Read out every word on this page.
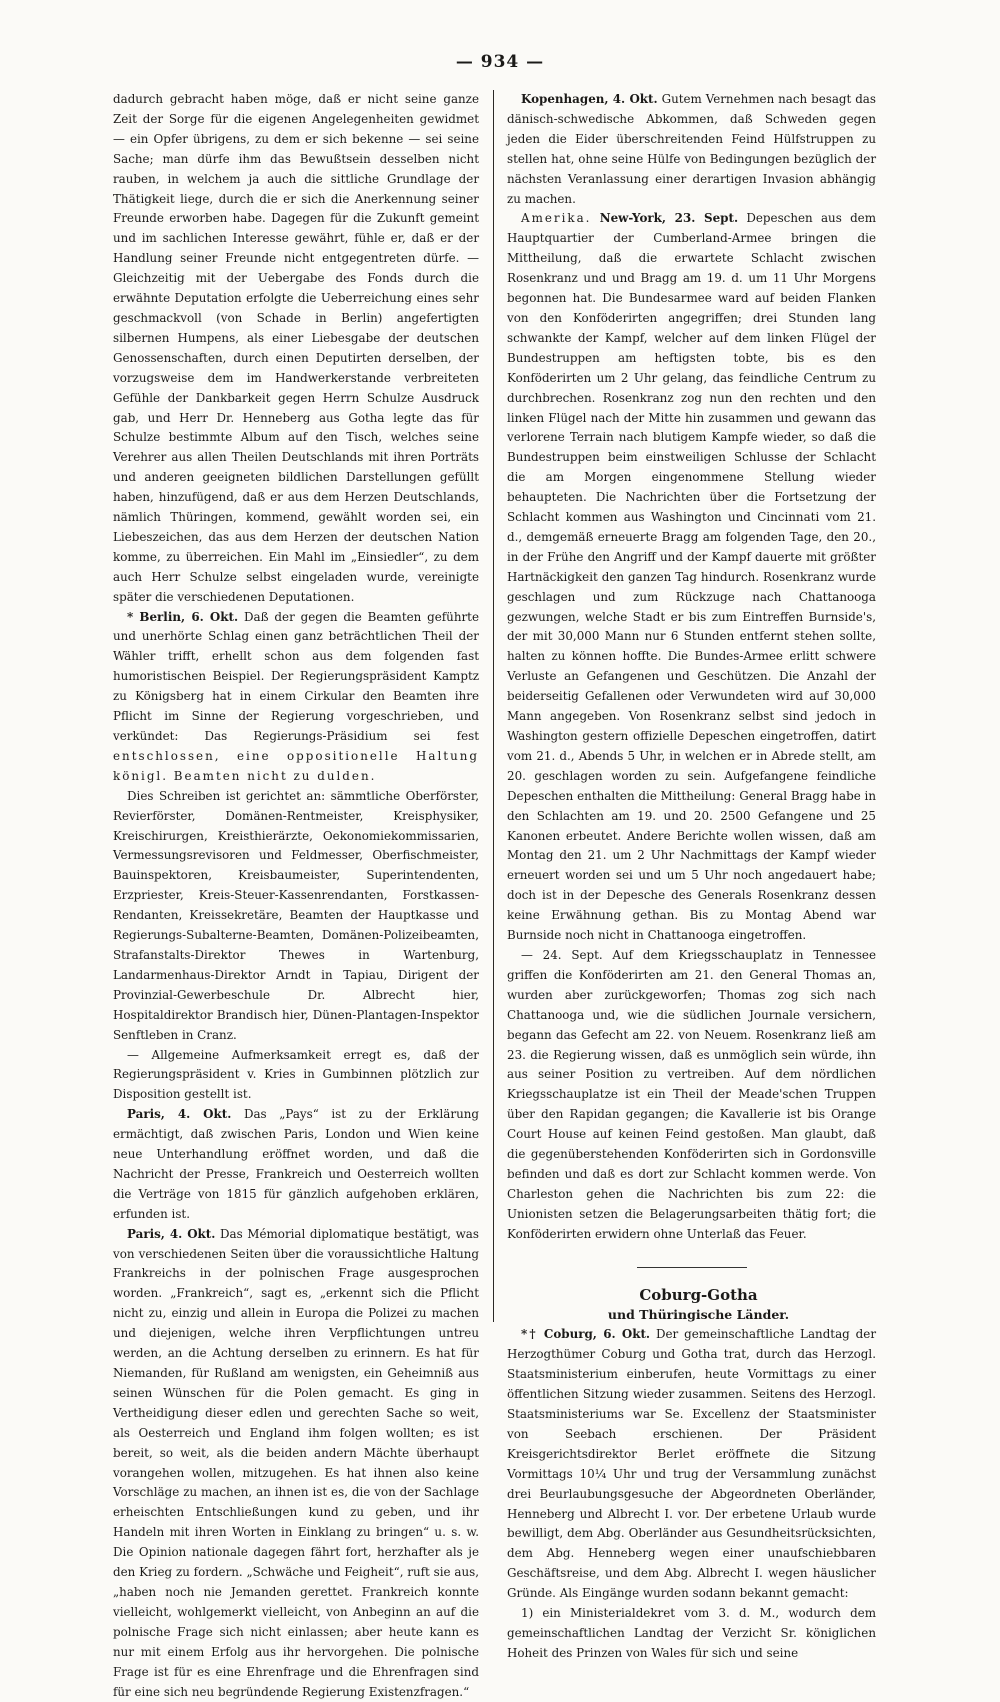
— 934 —

dadurch gebracht haben möge, daß er nicht seine ganze Zeit der Sorge für die eigenen Angelegenheiten gewidmet — ein Opfer übrigens, zu dem er sich bekenne — sei seine Sache; man dürfe ihm das Bewußtsein desselben nicht rauben, in welchem ja auch die sittliche Grundlage der Thätigkeit liege, durch die er sich die Anerkennung seiner Freunde erworben habe. Dagegen für die Zukunft gemeint und im sachlichen Interesse gewährt, fühle er, daß er der Handlung seiner Freunde nicht entgegentreten dürfe. — Gleichzeitig mit der Uebergabe des Fonds durch die erwähnte Deputation erfolgte die Ueberreichung eines sehr geschmackvoll (von Schade in Berlin) angefertigten silbernen Humpens, als einer Liebesgabe der deutschen Genossenschaften, durch einen Deputirten derselben, der vorzugsweise dem im Handwerkerstande verbreiteten Gefühle der Dankbarkeit gegen Herrn Schulze Ausdruck gab, und Herr Dr. Henneberg aus Gotha legte das für Schulze bestimmte Album auf den Tisch, welches seine Verehrer aus allen Theilen Deutschlands mit ihren Porträts und anderen geeigneten bildlichen Darstellungen gefüllt haben, hinzufügend, daß er aus dem Herzen Deutschlands, nämlich Thüringen, kommend, gewählt worden sei, ein Liebeszeichen, das aus dem Herzen der deutschen Nation komme, zu überreichen. Ein Mahl im „Einsiedler“, zu dem auch Herr Schulze selbst eingeladen wurde, vereinigte später die verschiedenen Deputationen.

* Berlin, 6. Okt. Daß der gegen die Beamten geführte und unerhörte Schlag einen ganz beträchtlichen Theil der Wähler trifft, erhellt schon aus dem folgenden fast humoristischen Beispiel. Der Regierungspräsident Kamptz zu Königsberg hat in einem Cirkular den Beamten ihre Pflicht im Sinne der Regierung vorgeschrieben, und verkündet: Das Regierungs-Präsidium sei fest entschlossen, eine oppositionelle Haltung königl. Beamten nicht zu dulden.

Dies Schreiben ist gerichtet an: sämmtliche Oberförster, Revierförster, Domänen-Rentmeister, Kreisphysiker, Kreischirurgen, Kreisthierärzte, Oekonomiekommissarien, Vermessungsrevisoren und Feldmesser, Oberfischmeister, Bauinspektoren, Kreisbaumeister, Superintendenten, Erzpriester, Kreis-Steuer-Kassenrendanten, Forstkassen-Rendanten, Kreissekretäre, Beamten der Hauptkasse und Regierungs-Subalterne-Beamten, Domänen-Polizeibeamten, Strafanstalts-Direktor Thewes in Wartenburg, Landarmenhaus-Direktor Arndt in Tapiau, Dirigent der Provinzial-Gewerbeschule Dr. Albrecht hier, Hospitaldirektor Brandisch hier, Dünen-Plantagen-Inspektor Senftleben in Cranz.

— Allgemeine Aufmerksamkeit erregt es, daß der Regierungspräsident v. Kries in Gumbinnen plötzlich zur Disposition gestellt ist.

Paris, 4. Okt. Das „Pays“ ist zu der Erklärung ermächtigt, daß zwischen Paris, London und Wien keine neue Unterhandlung eröffnet worden, und daß die Nachricht der Presse, Frankreich und Oesterreich wollten die Verträge von 1815 für gänzlich aufgehoben erklären, erfunden ist.

Paris, 4. Okt. Das Mémorial diplomatique bestätigt, was von verschiedenen Seiten über die voraussichtliche Haltung Frankreichs in der polnischen Frage ausgesprochen worden. „Frankreich“, sagt es, „erkennt sich die Pflicht nicht zu, einzig und allein in Europa die Polizei zu machen und diejenigen, welche ihren Verpflichtungen untreu werden, an die Achtung derselben zu erinnern. Es hat für Niemanden, für Rußland am wenigsten, ein Geheimniß aus seinen Wünschen für die Polen gemacht. Es ging in Vertheidigung dieser edlen und gerechten Sache so weit, als Oesterreich und England ihm folgen wollten; es ist bereit, so weit, als die beiden andern Mächte überhaupt vorangehen wollen, mitzugehen. Es hat ihnen also keine Vorschläge zu machen, an ihnen ist es, die von der Sachlage erheischten Entschließungen kund zu geben, und ihr Handeln mit ihren Worten in Einklang zu bringen“ u. s. w. Die Opinion nationale dagegen fährt fort, herzhafter als je den Krieg zu fordern. „Schwäche und Feigheit“, ruft sie aus, „haben noch nie Jemanden gerettet. Frankreich konnte vielleicht, wohlgemerkt vielleicht, von Anbeginn an auf die polnische Frage sich nicht einlassen; aber heute kann es nur mit einem Erfolg aus ihr hervorgehen. Die polnische Frage ist für es eine Ehrenfrage und die Ehrenfragen sind für eine sich neu begründende Regierung Existenzfragen.“

Kopenhagen, 4. Okt. Gutem Vernehmen nach besagt das dänisch-schwedische Abkommen, daß Schweden gegen jeden die Eider überschreitenden Feind Hülfstruppen zu stellen hat, ohne seine Hülfe von Bedingungen bezüglich der nächsten Veranlassung einer derartigen Invasion abhängig zu machen.

Amerika. New-York, 23. Sept. Depeschen aus dem Hauptquartier der Cumberland-Armee bringen die Mittheilung, daß die erwartete Schlacht zwischen Rosenkranz und und Bragg am 19. d. um 11 Uhr Morgens begonnen hat. Die Bundesarmee ward auf beiden Flanken von den Konföderirten angegriffen; drei Stunden lang schwankte der Kampf, welcher auf dem linken Flügel der Bundestruppen am heftigsten tobte, bis es den Konföderirten um 2 Uhr gelang, das feindliche Centrum zu durchbrechen. Rosenkranz zog nun den rechten und den linken Flügel nach der Mitte hin zusammen und gewann das verlorene Terrain nach blutigem Kampfe wieder, so daß die Bundestruppen beim einstweiligen Schlusse der Schlacht die am Morgen eingenommene Stellung wieder behaupteten. Die Nachrichten über die Fortsetzung der Schlacht kommen aus Washington und Cincinnati vom 21. d., demgemäß erneuerte Bragg am folgenden Tage, den 20., in der Frühe den Angriff und der Kampf dauerte mit größter Hartnäckigkeit den ganzen Tag hindurch. Rosenkranz wurde geschlagen und zum Rückzuge nach Chattanooga gezwungen, welche Stadt er bis zum Eintreffen Burnside's, der mit 30,000 Mann nur 6 Stunden entfernt stehen sollte, halten zu können hoffte. Die Bundes-Armee erlitt schwere Verluste an Gefangenen und Geschützen. Die Anzahl der beiderseitig Gefallenen oder Verwundeten wird auf 30,000 Mann angegeben. Von Rosenkranz selbst sind jedoch in Washington gestern offizielle Depeschen eingetroffen, datirt vom 21. d., Abends 5 Uhr, in welchen er in Abrede stellt, am 20. geschlagen worden zu sein. Aufgefangene feindliche Depeschen enthalten die Mittheilung: General Bragg habe in den Schlachten am 19. und 20. 2500 Gefangene und 25 Kanonen erbeutet. Andere Berichte wollen wissen, daß am Montag den 21. um 2 Uhr Nachmittags der Kampf wieder erneuert worden sei und um 5 Uhr noch angedauert habe; doch ist in der Depesche des Generals Rosenkranz dessen keine Erwähnung gethan. Bis zu Montag Abend war Burnside noch nicht in Chattanooga eingetroffen.

— 24. Sept. Auf dem Kriegsschauplatz in Tennessee griffen die Konföderirten am 21. den General Thomas an, wurden aber zurückgeworfen; Thomas zog sich nach Chattanooga und, wie die südlichen Journale versichern, begann das Gefecht am 22. von Neuem. Rosenkranz ließ am 23. die Regierung wissen, daß es unmöglich sein würde, ihn aus seiner Position zu vertreiben. Auf dem nördlichen Kriegsschauplatze ist ein Theil der Meade'schen Truppen über den Rapidan gegangen; die Kavallerie ist bis Orange Court House auf keinen Feind gestoßen. Man glaubt, daß die gegenüberstehenden Konföderirten sich in Gordonsville befinden und daß es dort zur Schlacht kommen werde. Von Charleston gehen die Nachrichten bis zum 22: die Unionisten setzen die Belagerungsarbeiten thätig fort; die Konföderirten erwidern ohne Unterlaß das Feuer.

Coburg-Gotha

und Thüringische Länder.

*† Coburg, 6. Okt. Der gemeinschaftliche Landtag der Herzogthümer Coburg und Gotha trat, durch das Herzogl. Staatsministerium einberufen, heute Vormittags zu einer öffentlichen Sitzung wieder zusammen. Seitens des Herzogl. Staatsministeriums war Se. Excellenz der Staatsminister von Seebach erschienen. Der Präsident Kreisgerichtsdirektor Berlet eröffnete die Sitzung Vormittags 10¼ Uhr und trug der Versammlung zunächst drei Beurlaubungsgesuche der Abgeordneten Oberländer, Henneberg und Albrecht I. vor. Der erbetene Urlaub wurde bewilligt, dem Abg. Oberländer aus Gesundheitsrücksichten, dem Abg. Henneberg wegen einer unaufschiebbaren Geschäftsreise, und dem Abg. Albrecht I. wegen häuslicher Gründe. Als Eingänge wurden sodann bekannt gemacht:

1) ein Ministerialdekret vom 3. d. M., wodurch dem gemeinschaftlichen Landtag der Verzicht Sr. königlichen Hoheit des Prinzen von Wales für sich und seine
